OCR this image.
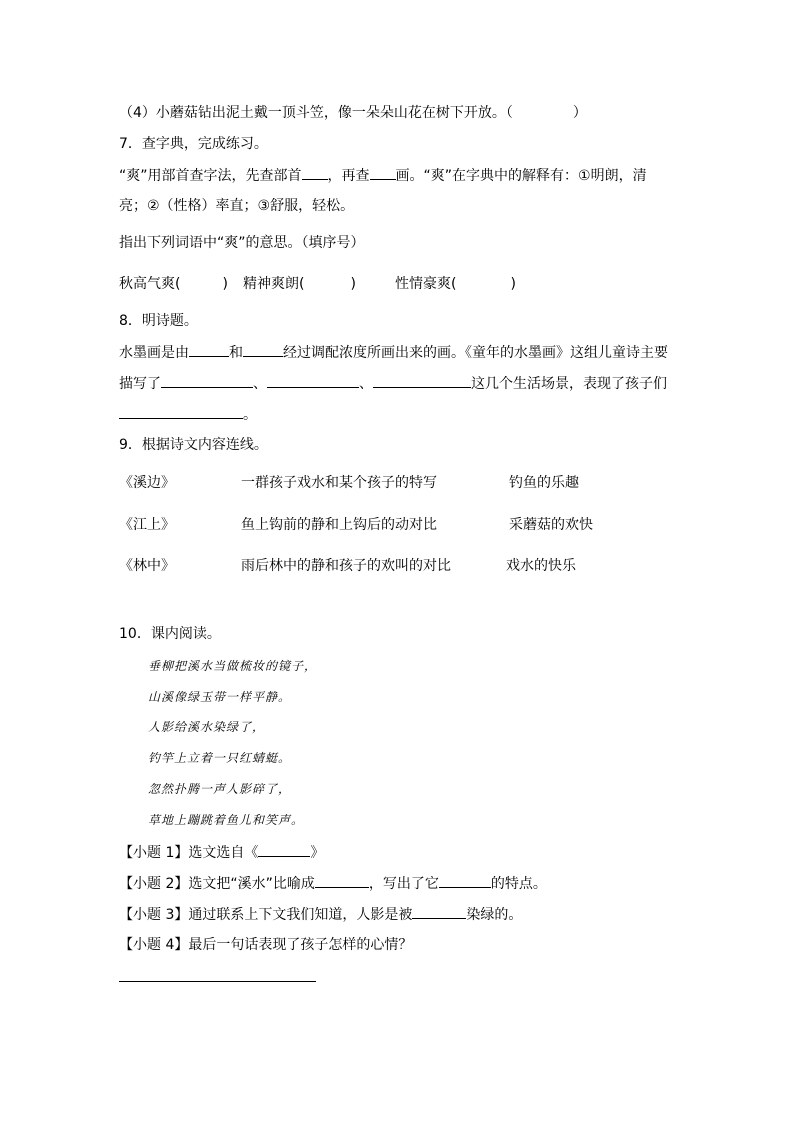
（4）小蘑菇钻出泥土戴一顶斗笠，像一朵朵山花在树下开放。（	）
7．查字典，完成练习。
“爽”用部首查字法，先查部首 ，再查 画。“爽”在字典中的解释有：①明朗，清
亮；②（性格）率直；③舒服，轻松。
指出下列词语中“爽”的意思。（填序号）
秋高气爽(	) 精神爽朗(	)	性情豪爽(	)
8．明诗题。
水墨画是由	和	经过调配浓度所画出来的画。《童年的水墨画》这组儿童诗主要
描写了	、	、	这几个生活场景，表现了孩子们
。
9．根据诗文内容连线。
《溪边》	一群孩子戏水和某个孩子的特写	钓鱼的乐趣
《江上》	鱼上钩前的静和上钩后的动对比	采蘑菇的欢快
《林中》	雨后林中的静和孩子的欢叫的对比	戏水的快乐
10．课内阅读。
垂柳把溪水当做梳妆的镜子，
山溪像绿玉带一样平静。
人影给溪水染绿了，
钓竿上立着一只红蜻蜓。
忽然扑腾一声人影碎了，
草地上蹦跳着鱼儿和笑声。
【小题 1】选文选自《	》
【小题 2】选文把“溪水”比喻成	，写出了它	的特点。
【小题 3】通过联系上下文我们知道，人影是被	染绿的。
【小题 4】最后一句话表现了孩子怎样的心情？
